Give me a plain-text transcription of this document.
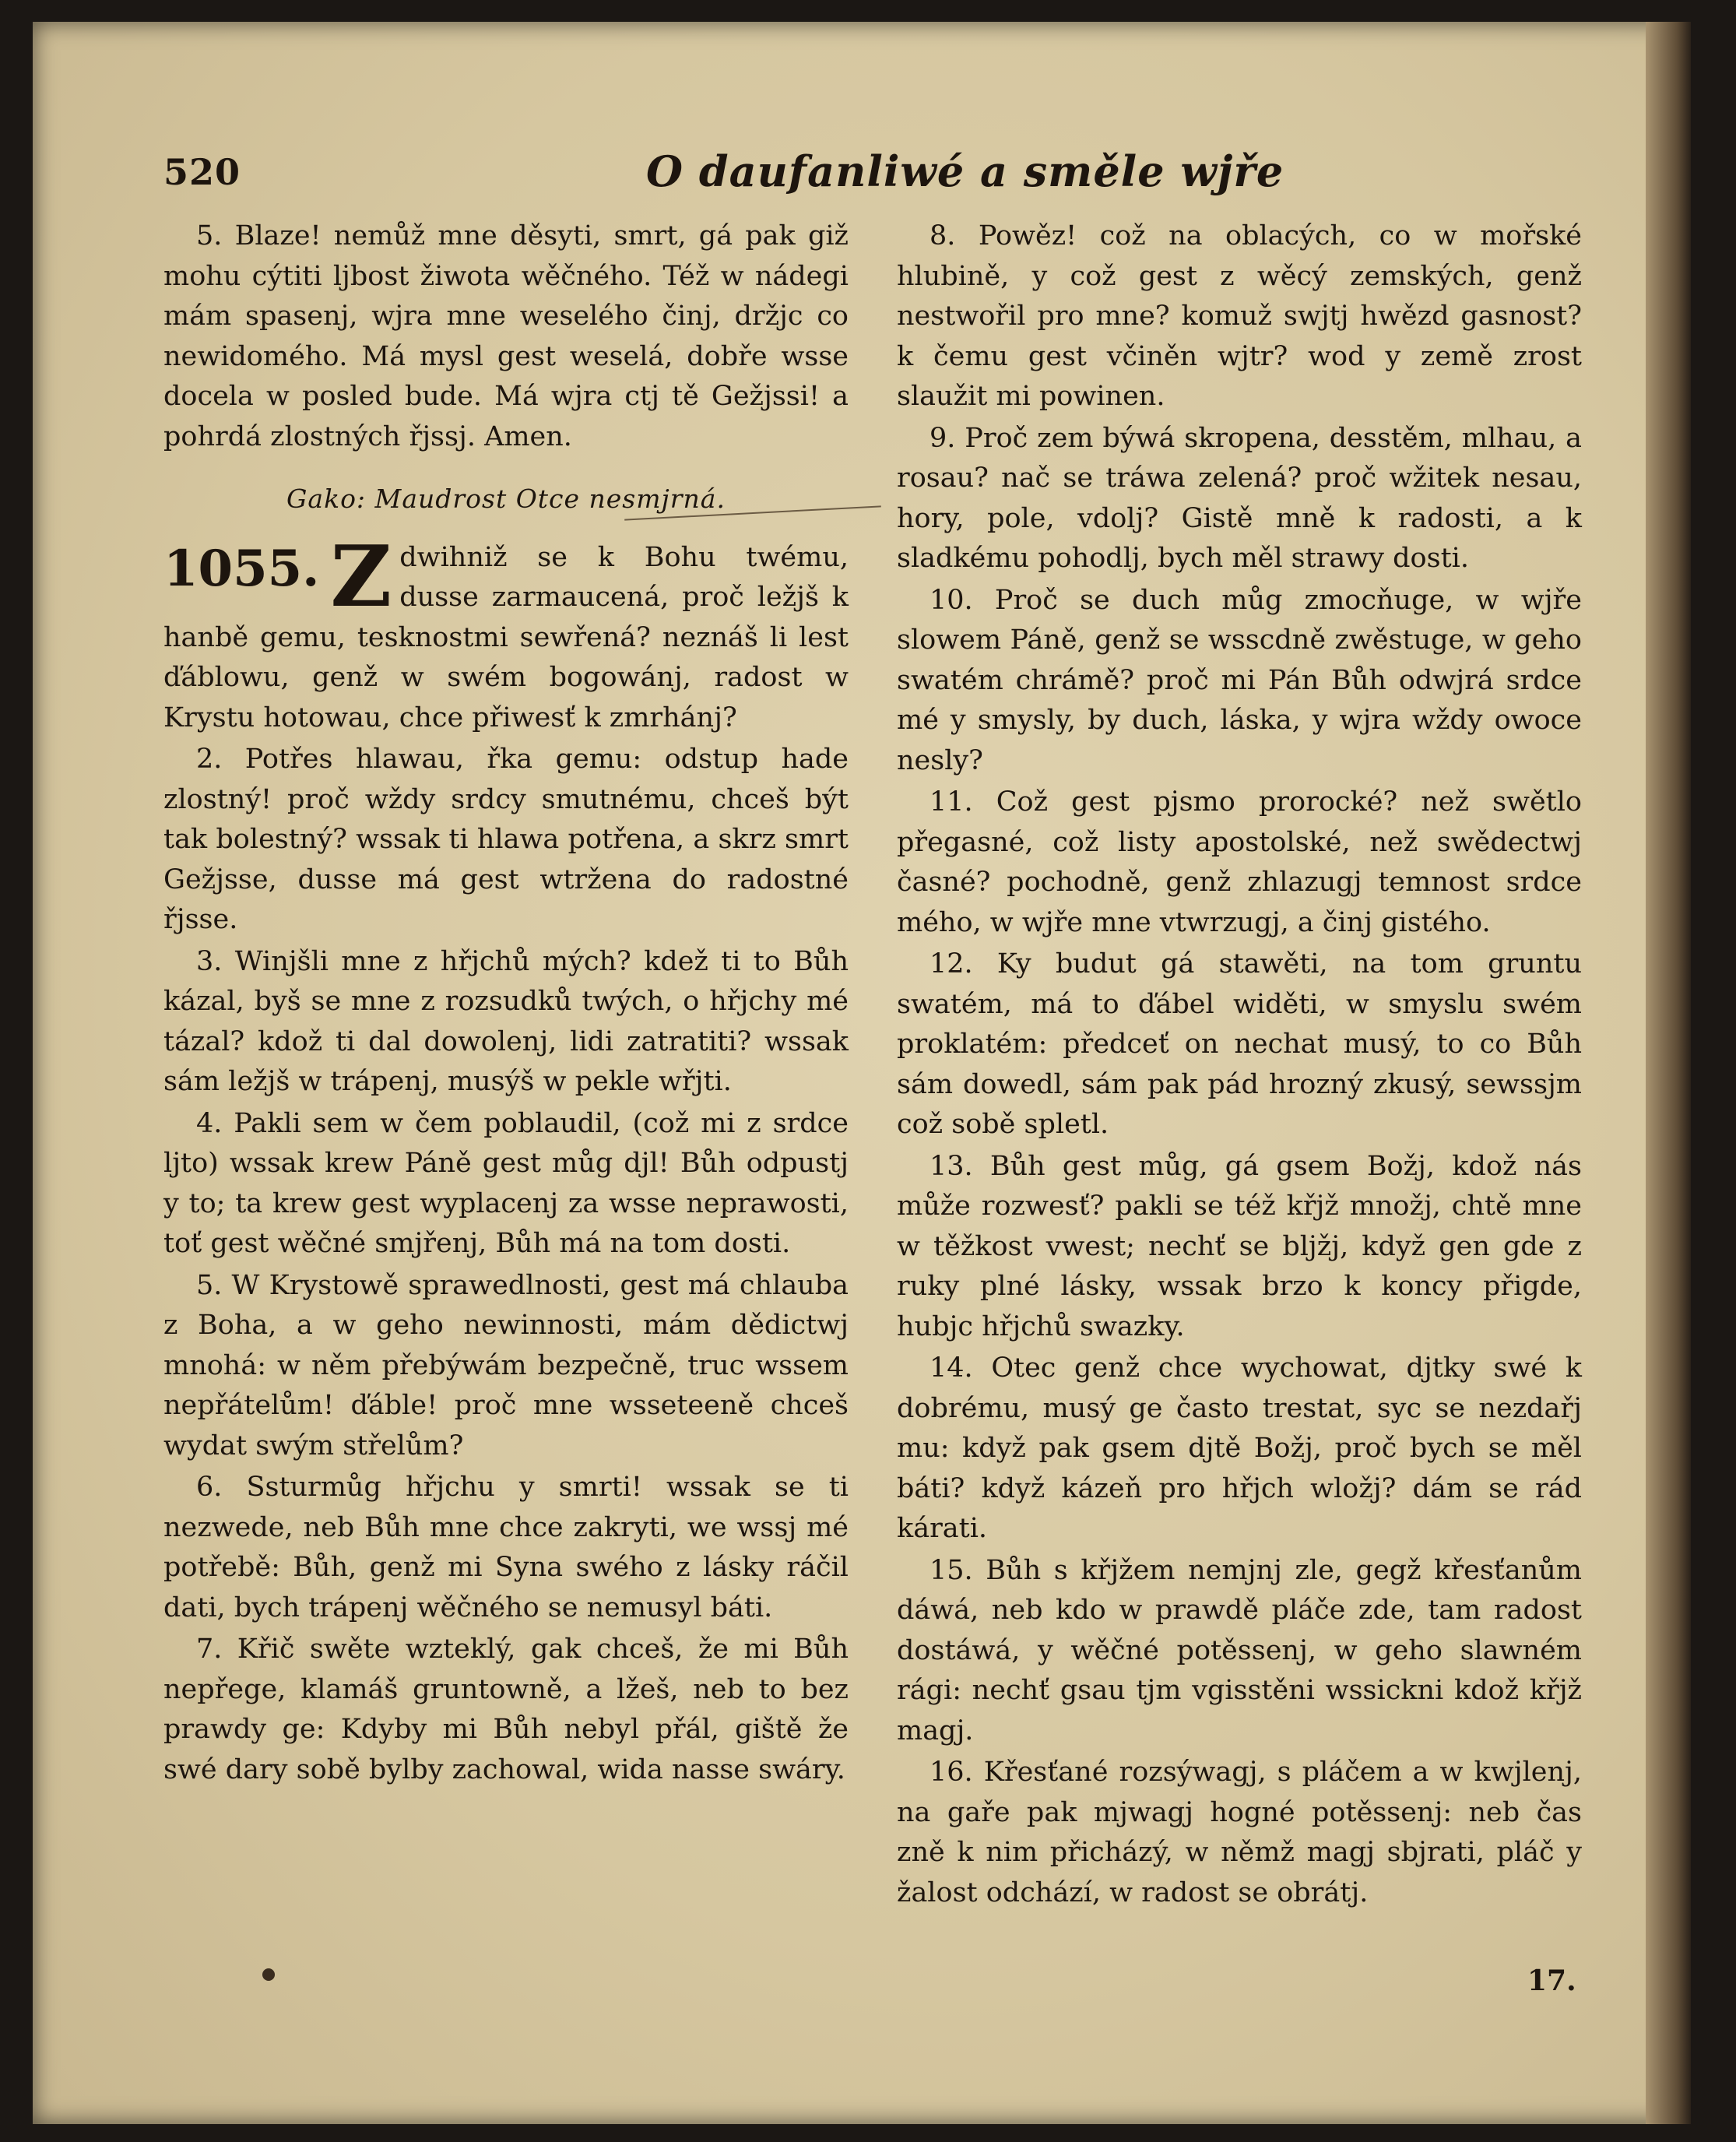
520	O daufanliwé a směle wjře

5. Blaze! nemůž mne děsyti, smrt, gá pak giž mohu cýtiti ljbost žiwota wěčného. Též w nádegi mám spasenj, wjra mne weselého činj, držjc co newidoméhо. Má mysl gest weselá, dobře wsse docela w posled bude. Má wjra ctj tě Gežjssi! a pohrdá zlostných řjssj. Amen.

Gako: Maudrost Otce nesmjrná.
1055. Z dwihniž se k Bohu twému, dusse zarmaucená, proč ležjš k hanbě gemu, tesknostmi sewřená? neznáš li lest ďáblowu, genž w swém bogowánj, radost w Krystu hotowau, chce přiwesť k zmrhánj?

2. Potřes hlawau, řka gemu: odstup hade zlostný! proč wždy srdcy smutnému, chceš být tak bolestný? wssak ti hlawa potřena, a skrz smrt Gežjsse, dusse má gest wtržena do radostné řjsse.

3. Winjšli mne z hřjchů mých? kdež ti to Bůh kázal, byš se mne z rozsudků twých, o hřjchy mé tázal? kdož ti dal dowolenj, lidi zatratiti? wssak sám ležjš w trápenj, musýš w pekle wřjti.

4. Pakli sem w čem poblaudil, (což mi z srdce ljto) wssak krew Páně gest můg djl! Bůh odpustj y to; ta krew gest wyplacenj za wsse neprawosti, toť gest wěčné smjřenj, Bůh má na tom dosti.

5. W Krystowě sprawedlnosti, gest má chlauba z Boha, a w geho newinnosti, mám dědictwj mnohá: w něm přebýwám bezpečně, truc wssem nepřátelům! ďáble! proč mne wsseteeně chceš wydat swým střelům?

6. Ssturmůg hřjchu y smrti! wssak se ti nezwede, neb Bůh mne chce zakryti, we wssj mé potřebě: Bůh, genž mi Syna swého z lásky ráčil dati, bych trápenj wěčného se nemusyl báti.

7. Křič swěte wzteklý, gak chceš, že mi Bůh nepřege, klamáš gruntowně, a lžeš, neb to bez prawdy ge: Kdyby mi Bůh nebyl přál, giště že swé dary sobě bylby zachowal, wida nasse swáry.

8. Powěz! což na oblacých, co w mořské hlubině, y což gest z wěcý zemských, genž nestwořil pro mne? komuž swjtj hwězd gasnost? k čemu gest včiněn wjtr? wod y země zrost slaužit mi powinen.

9. Proč zem býwá skropena, desstěm, mlhau, a rosau? nač se tráwa zelená? proč wžitek nesau, hory, pole, vdolj? Gistě mně k radosti, a k sladkému pohodlj, bych měl strawy dosti.

10. Proč se duch můg zmocňuge, w wjře slowem Páně, genž se wsscdně zwěstuge, w geho swatém chrámě? proč mi Pán Bůh odwjrá srdce mé y smysly, by duch, láska, y wjra wždy owoce nesly?

11. Což gest pjsmo prorocké? než swětlo přegasné, což listy apostolské, než swědectwj časné? pochodně, genž zhlazugj temnost srdce mého, w wjře mne vtwrzugj, a činj gistého.

12. Ky budut gá stawěti, na tom gruntu swatém, má to ďábel widěti, w smyslu swém proklatém: předceť on nechat musý, to co Bůh sám dowedl, sám pak pád hrozný zkusý, sewssjm což sobě spletl.

13. Bůh gest můg, gá gsem Božj, kdož nás může rozwesť? pakli se též křjž množj, chtě mne w těžkost vwest; nechť se bljžj, když gen gde z ruky plné lásky, wssak brzo k koncy přigde, hubjc hřjchů swazky.

14. Otec genž chce wychowat, djtky swé k dobrému, musý ge často trestat, syc se nezdařj mu: když pak gsem djtě Božj, proč bych se měl báti? když kázeň pro hřjch wložj? dám se rád kárati.

15. Bůh s křjžem nemjnj zle, gegž křesťanům dáwá, neb kdo w prawdě pláče zde, tam radost dostáwá, y wěčné potěssenj, w geho slawném rági: nechť gsau tjm vgisstěni wssickni kdož křjž magj.

16. Křesťané rozsýwagj, s pláčem a w kwjlenj, na gaře pak mjwagj hogné potěssenj: neb čas zně k nim přicházý, w němž magj sbjrati, pláč y žalost odchází, w radost se obrátj.

17.
